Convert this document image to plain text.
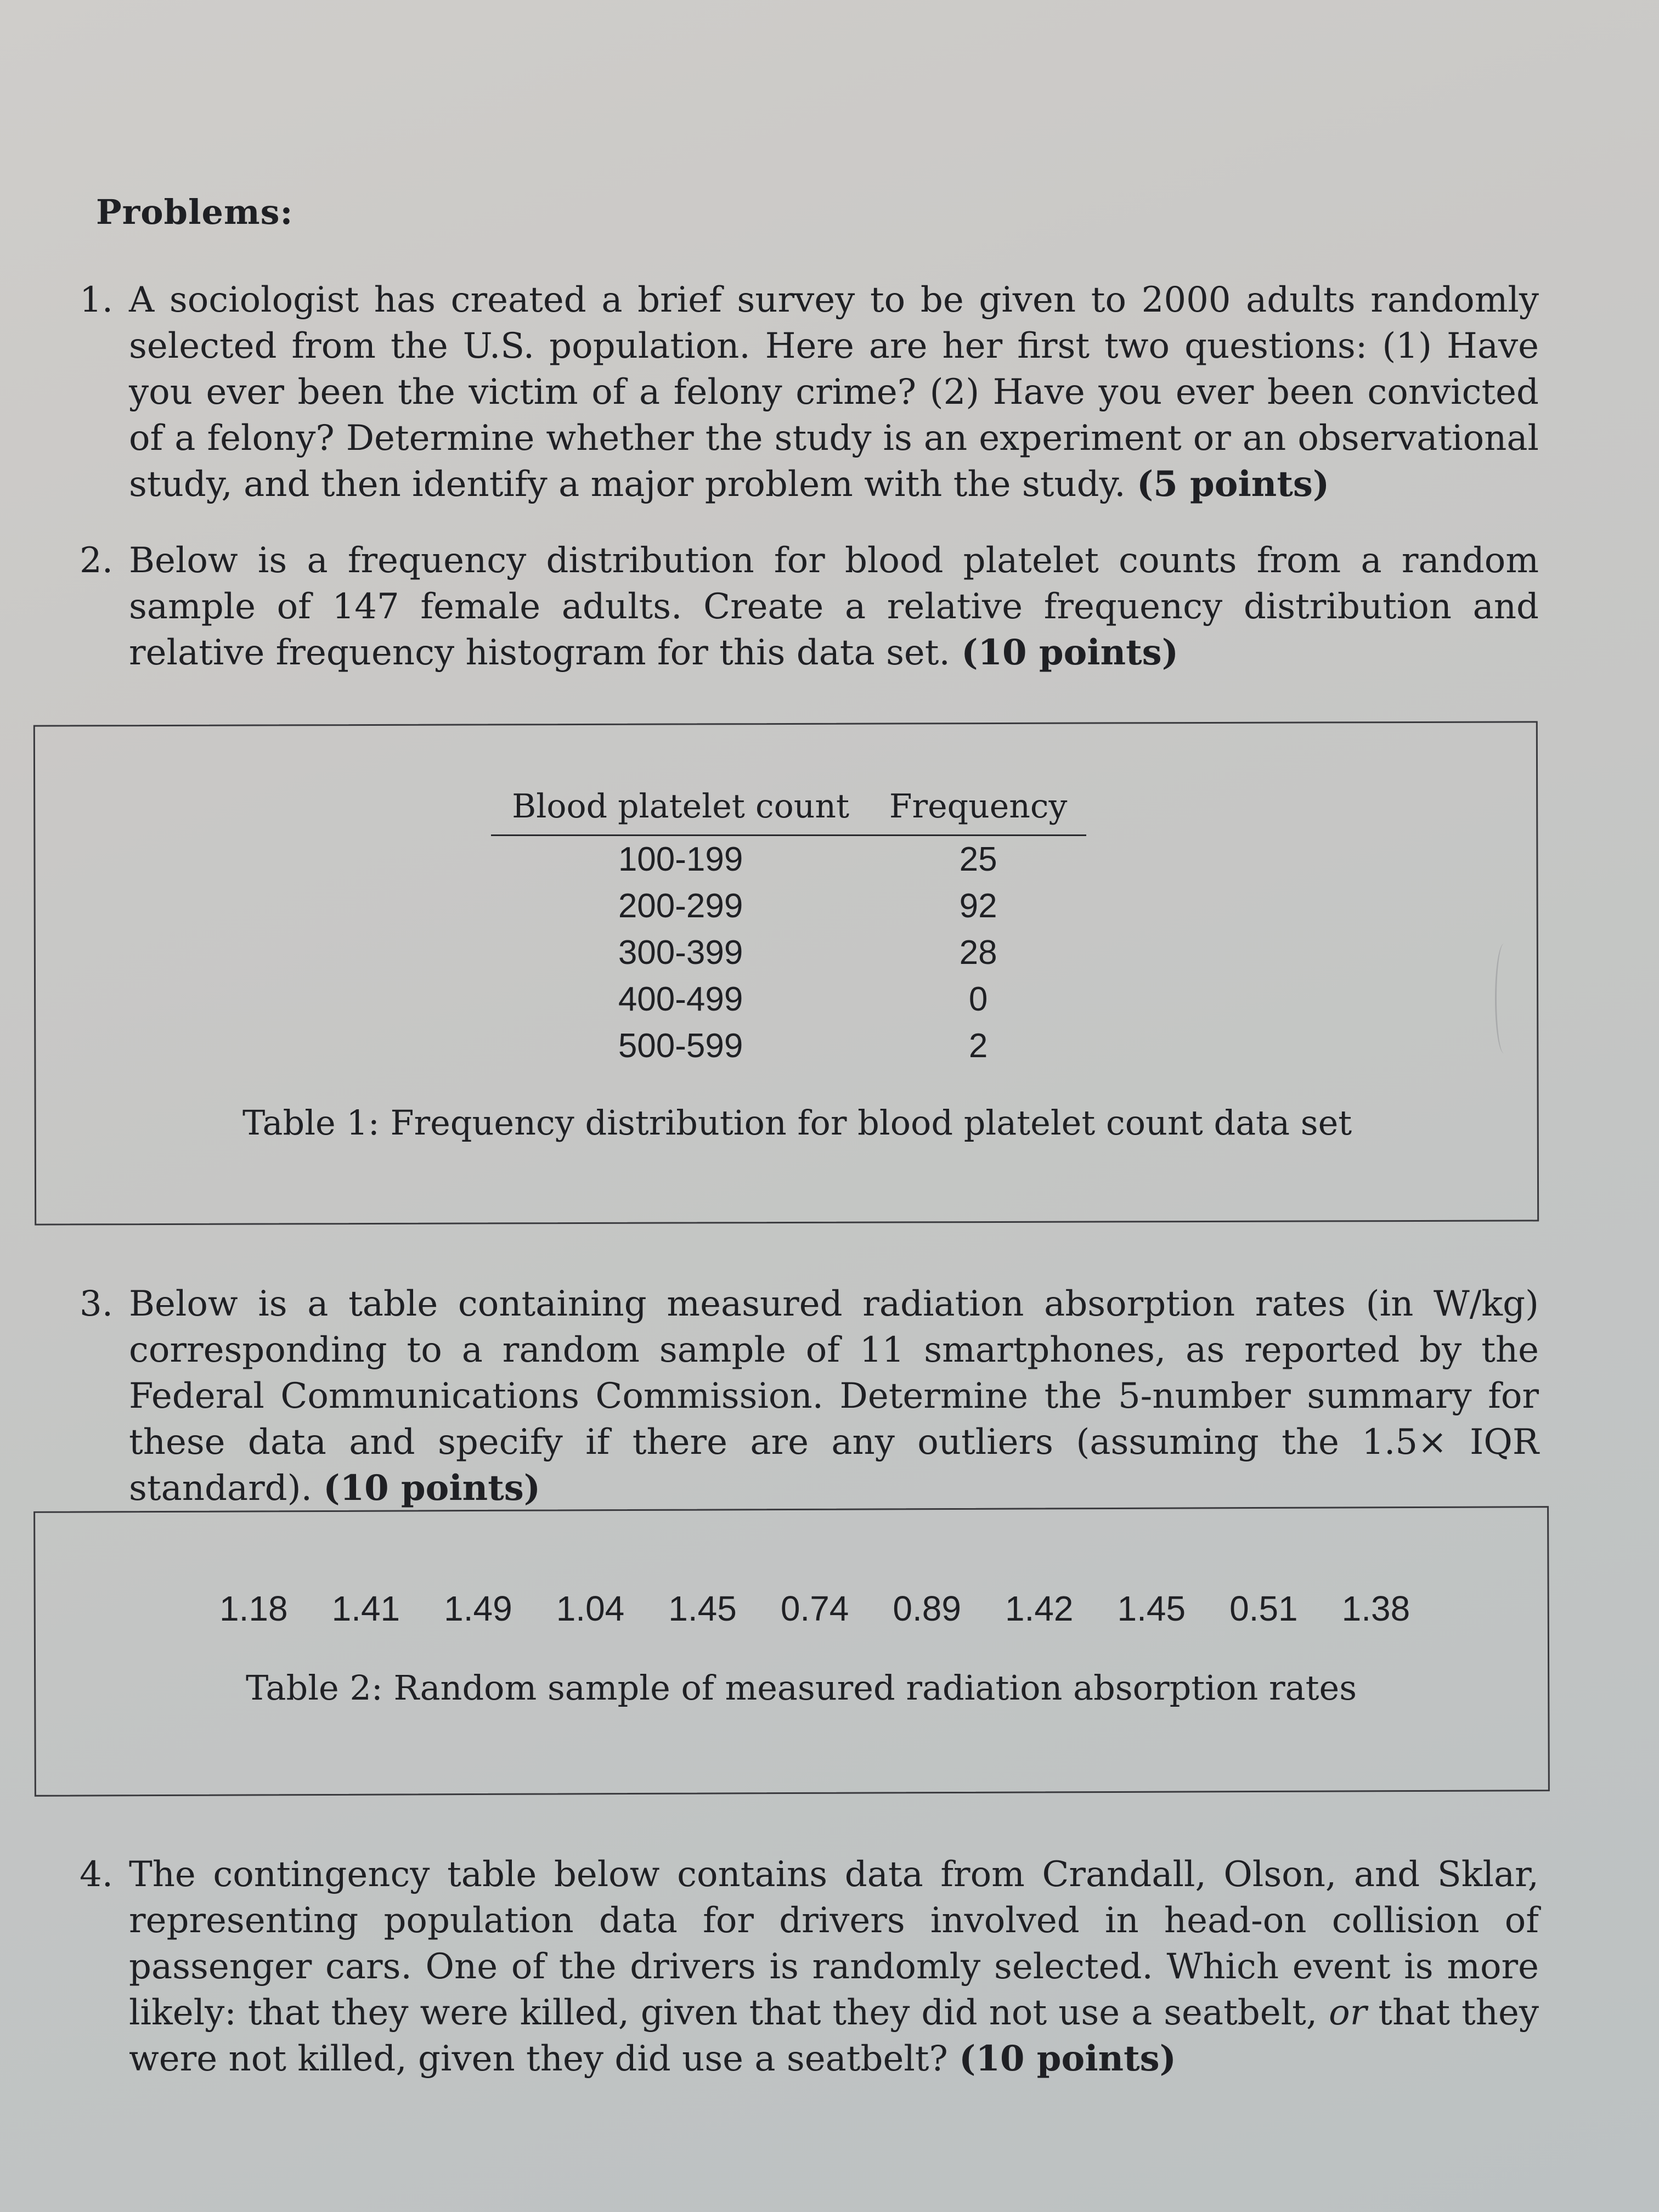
Problems:
1. A sociologist has created a brief survey to be given to 2000 adults randomly selected from the U.S. population. Here are her first two questions: (1) Have you ever been the victim of a felony crime? (2) Have you ever been convicted of a felony? Determine whether the study is an experiment or an observational study, and then identify a major problem with the study. (5 points)
2. Below is a frequency distribution for blood platelet counts from a random sample of 147 female adults. Create a relative frequency distribution and relative frequency histogram for this data set. (10 points)
Blood platelet count	Frequency
100-199	25
200-299	92
300-399	28
400-499	0
500-599	2
Table 1: Frequency distribution for blood platelet count data set
3. Below is a table containing measured radiation absorption rates (in W/kg) corresponding to a random sample of 11 smartphones, as reported by the Federal Communications Commission. Determine the 5-number summary for these data and specify if there are any outliers (assuming the 1.5× IQR standard). (10 points)
1.18 1.41 1.49 1.04 1.45 0.74 0.89 1.42 1.45 0.51 1.38
Table 2: Random sample of measured radiation absorption rates
4. The contingency table below contains data from Crandall, Olson, and Sklar, representing population data for drivers involved in head-on collision of passenger cars. One of the drivers is randomly selected. Which event is more likely: that they were killed, given that they did not use a seatbelt, or that they were not killed, given they did use a seatbelt? (10 points)
